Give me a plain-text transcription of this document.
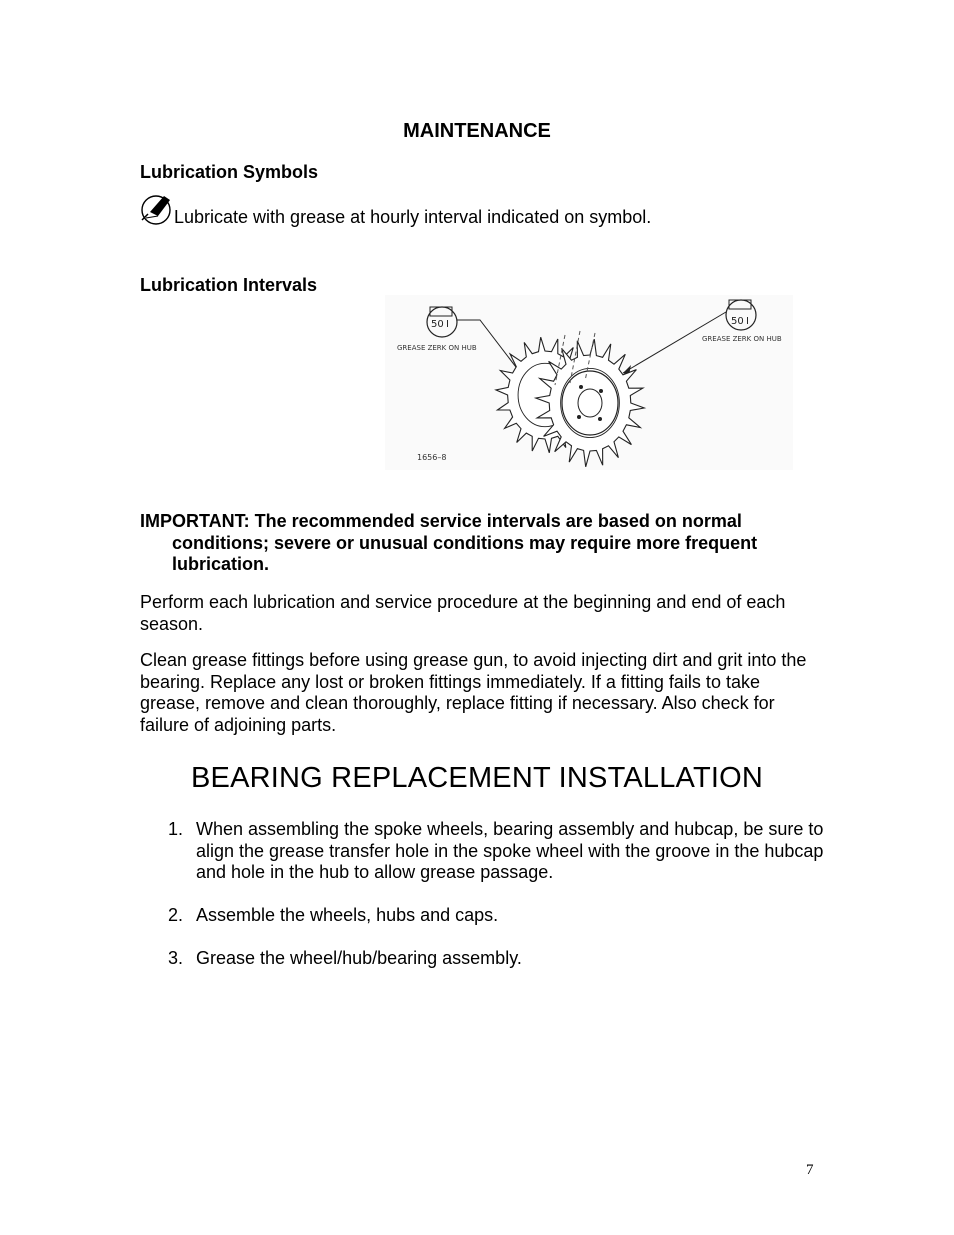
MAINTENANCE
Lubrication Symbols
Lubricate with grease at hourly interval indicated on symbol.
Lubrication Intervals
50 I
GREASE ZERK ON HUB
50 I
GREASE ZERK ON HUB
1656–8
IMPORTANT: The recommended service intervals are based on normal

conditions; severe or unusual conditions may require more frequent
lubrication.
Perform each lubrication and service procedure at the beginning and end of each season.
Clean grease fittings before using grease gun, to avoid injecting dirt and grit into the bearing. Replace any lost or broken fittings immediately. If a fitting fails to take grease, remove and clean thoroughly, replace fitting if necessary. Also check for failure of adjoining parts.
BEARING REPLACEMENT INSTALLATION
1. When assembling the spoke wheels, bearing assembly and hubcap, be sure to align the grease transfer hole in the spoke wheel with the groove in the hubcap and hole in the hub to allow grease passage.
2. Assemble the wheels, hubs and caps.
3. Grease the wheel/hub/bearing assembly.
7
